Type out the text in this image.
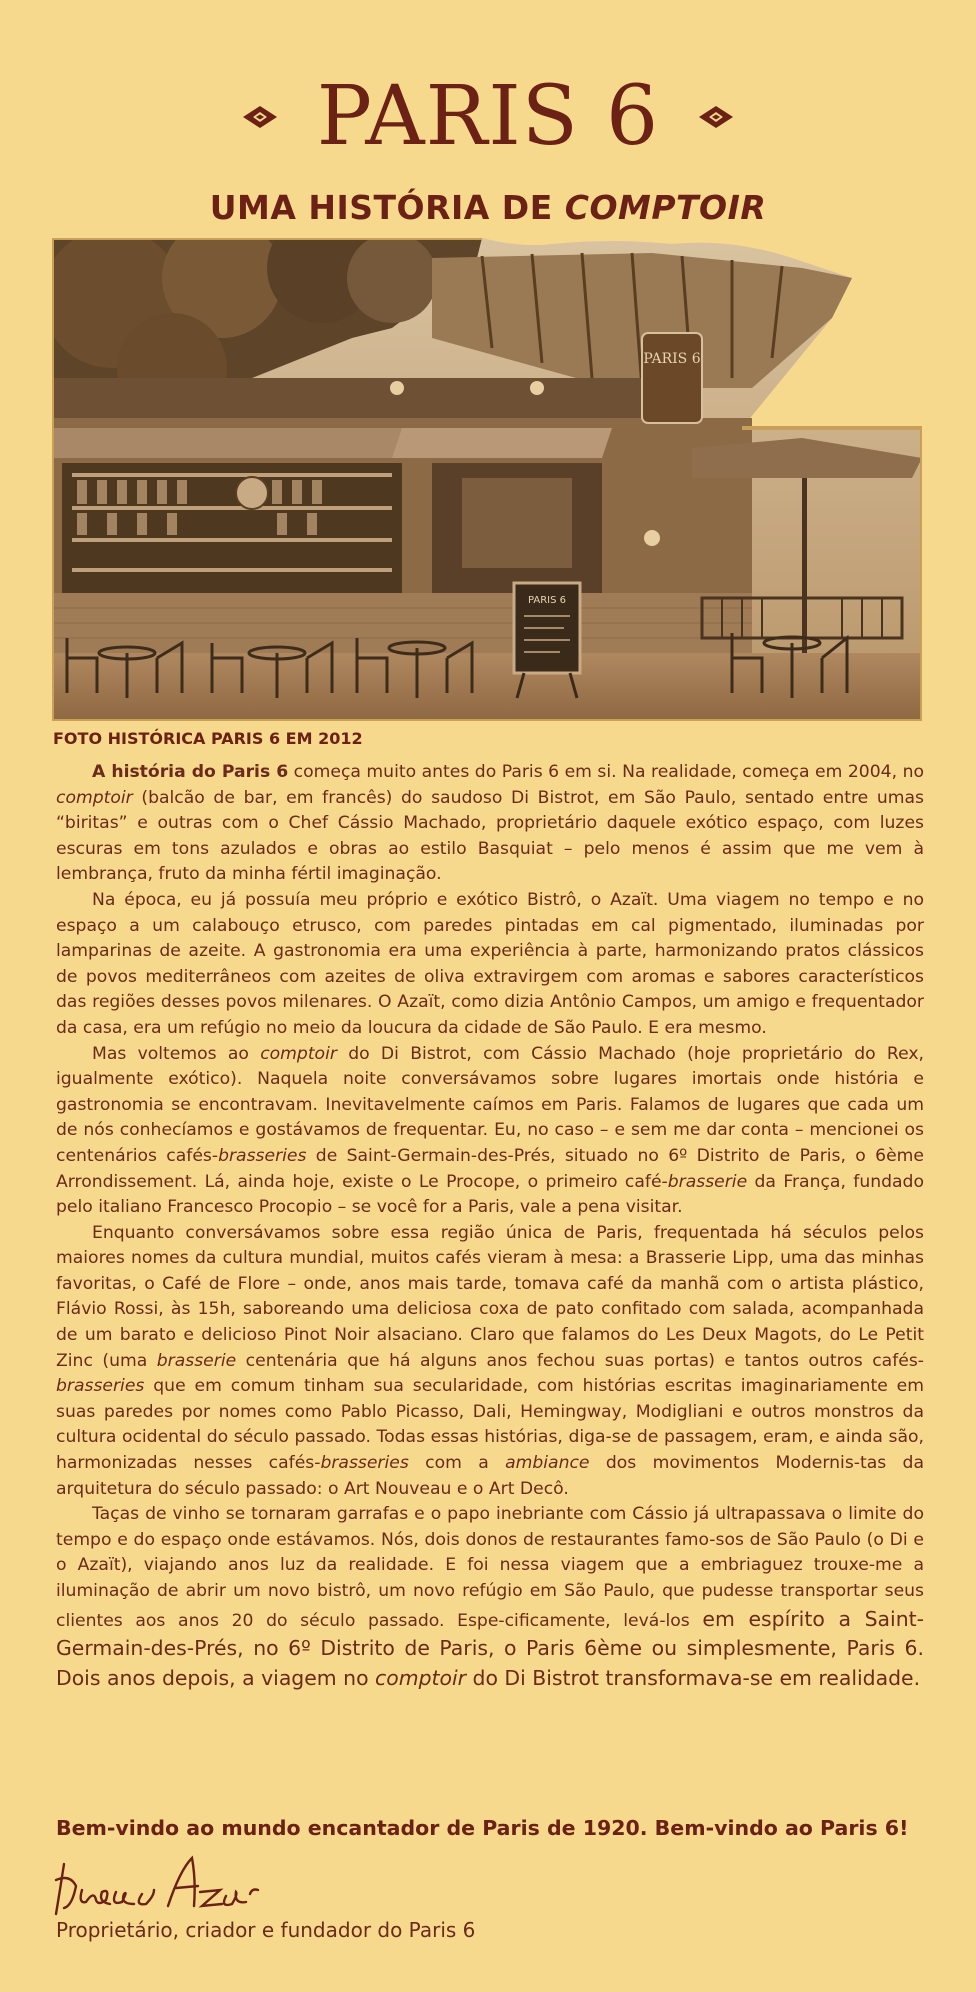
PARIS 6
UMA HISTÓRIA DE COMPTOIR
PARIS 6
PARIS 6
FOTO HISTÓRICA PARIS 6 EM 2012

A história do Paris 6 começa muito antes do Paris 6 em si. Na realidade, começa em 2004, no comptoir (balcão de bar, em francês) do saudoso Di Bistrot, em São Paulo, sentado entre umas “biritas” e outras com o Chef Cássio Machado, proprietário daquele exótico espaço, com luzes escuras em tons azulados e obras ao estilo Basquiat – pelo menos é assim que me vem à lembrança, fruto da minha fértil imaginação.

Na época, eu já possuía meu próprio e exótico Bistrô, o Azaït. Uma viagem no tempo e no espaço a um calabouço etrusco, com paredes pintadas em cal pigmentado, iluminadas por lamparinas de azeite. A gastronomia era uma experiência à parte, harmonizando pratos clássicos de povos mediterrâneos com azeites de oliva extravirgem com aromas e sabores característicos das regiões desses povos milenares. O Azaït, como dizia Antônio Campos, um amigo e frequentador da casa, era um refúgio no meio da loucura da cidade de São Paulo. E era mesmo.

Mas voltemos ao comptoir do Di Bistrot, com Cássio Machado (hoje proprietário do Rex, igualmente exótico). Naquela noite conversávamos sobre lugares imortais onde história e gastronomia se encontravam. Inevitavelmente caímos em Paris. Falamos de lugares que cada um de nós conhecíamos e gostávamos de frequentar. Eu, no caso – e sem me dar conta – mencionei os centenários cafés-brasseries de Saint-Germain-des-Prés, situado no 6º Distrito de Paris, o 6ème Arrondissement. Lá, ainda hoje, existe o Le Procope, o primeiro café-brasserie da França, fundado pelo italiano Francesco Procopio – se você for a Paris, vale a pena visitar.

Enquanto conversávamos sobre essa região única de Paris, frequentada há séculos pelos maiores nomes da cultura mundial, muitos cafés vieram à mesa: a Brasserie Lipp, uma das minhas favoritas, o Café de Flore – onde, anos mais tarde, tomava café da manhã com o artista plástico, Flávio Rossi, às 15h, saboreando uma deliciosa coxa de pato confitado com salada, acompanhada de um barato e delicioso Pinot Noir alsaciano. Claro que falamos do Les Deux Magots, do Le Petit Zinc (uma brasserie centenária que há alguns anos fechou suas portas) e tantos outros cafés-brasseries que em comum tinham sua secularidade, com histórias escritas imaginariamente em suas paredes por nomes como Pablo Picasso, Dali, Hemingway, Modigliani e outros monstros da cultura ocidental do século passado. Todas essas histórias, diga-se de passagem, eram, e ainda são, harmonizadas nesses cafés-brasseries com a ambiance dos movimentos Modernis-tas da arquitetura do século passado: o Art Nouveau e o Art Decô.

Taças de vinho se tornaram garrafas e o papo inebriante com Cássio já ultrapassava o limite do tempo e do espaço onde estávamos. Nós, dois donos de restaurantes famo-sos de São Paulo (o Di e o Azaït), viajando anos luz da realidade. E foi nessa viagem que a embriaguez trouxe-me a iluminação de abrir um novo bistrô, um novo refúgio em São Paulo, que pudesse transportar seus clientes aos anos 20 do século passado. Espe-cificamente, levá-los em espírito a Saint-Germain-des-Prés, no 6º Distrito de Paris, o Paris 6ème ou simplesmente, Paris 6. Dois anos depois, a viagem no comptoir do Di Bistrot transformava-se em realidade.

Bem-vindo ao mundo encantador de Paris de 1920. Bem-vindo ao Paris 6!
Proprietário, criador e fundador do Paris 6
